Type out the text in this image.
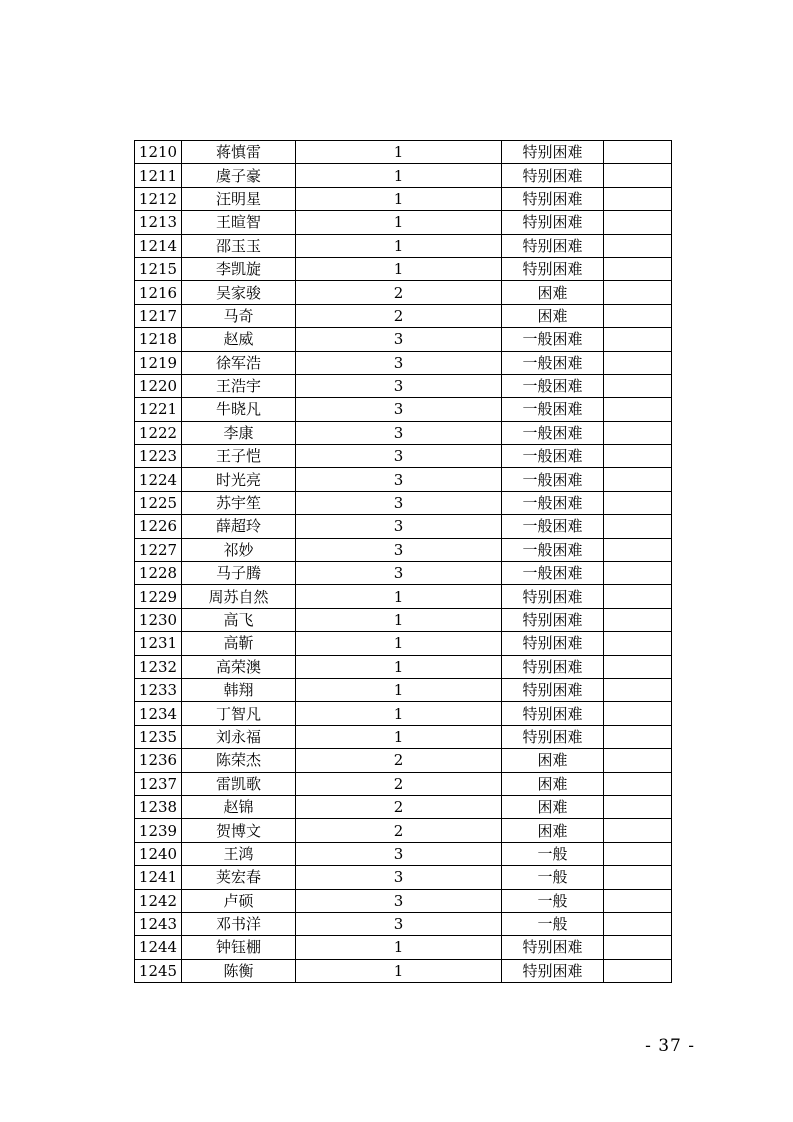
1210	蒋慎雷	1	特别困难	
1211	虞子豪	1	特别困难	
1212	汪明星	1	特别困难	
1213	王暄智	1	特别困难	
1214	邵玉玉	1	特别困难	
1215	李凯旋	1	特别困难	
1216	吴家骏	2	困难	
1217	马奇	2	困难	
1218	赵威	3	一般困难	
1219	徐军浩	3	一般困难	
1220	王浩宇	3	一般困难	
1221	牛晓凡	3	一般困难	
1222	李康	3	一般困难	
1223	王子恺	3	一般困难	
1224	时光亮	3	一般困难	
1225	苏宇笙	3	一般困难	
1226	薛超玲	3	一般困难	
1227	祁妙	3	一般困难	
1228	马子腾	3	一般困难	
1229	周苏自然	1	特别困难	
1230	高飞	1	特别困难	
1231	高靳	1	特别困难	
1232	高荣澳	1	特别困难	
1233	韩翔	1	特别困难	
1234	丁智凡	1	特别困难	
1235	刘永福	1	特别困难	
1236	陈荣杰	2	困难	
1237	雷凯歌	2	困难	
1238	赵锦	2	困难	
1239	贺博文	2	困难	
1240	王鸿	3	一般	
1241	荚宏春	3	一般	
1242	卢硕	3	一般	
1243	邓书洋	3	一般	
1244	钟钰棚	1	特别困难	
1245	陈衡	1	特别困难	
- 37 -
